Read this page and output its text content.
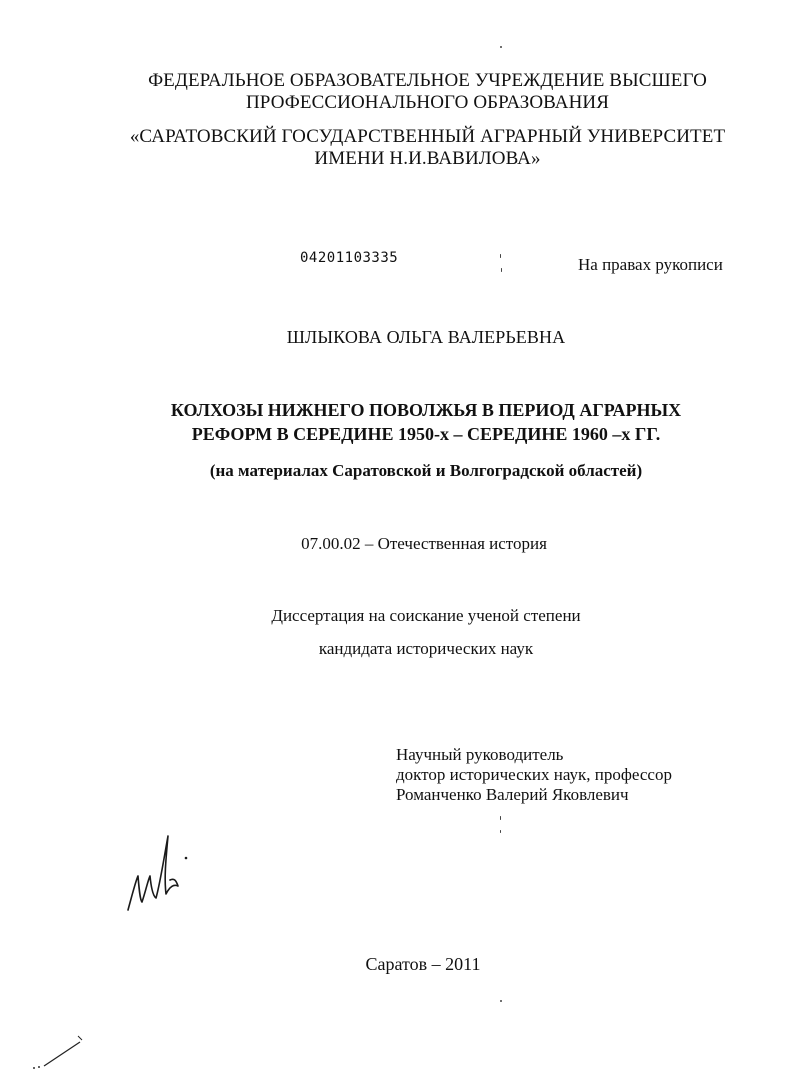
ФЕДЕРАЛЬНОЕ ОБРАЗОВАТЕЛЬНОЕ УЧРЕЖДЕНИЕ ВЫСШЕГО
ПРОФЕССИОНАЛЬНОГО ОБРАЗОВАНИЯ
«САРАТОВСКИЙ ГОСУДАРСТВЕННЫЙ АГРАРНЫЙ УНИВЕРСИТЕТ
ИМЕНИ Н.И.ВАВИЛОВА»
04201103335	На правах рукописи
ШЛЫКОВА ОЛЬГА ВАЛЕРЬЕВНА
КОЛХОЗЫ НИЖНЕГО ПОВОЛЖЬЯ В ПЕРИОД АГРАРНЫХ
РЕФОРМ В СЕРЕДИНЕ 1950-х – СЕРЕДИНЕ 1960 –х ГГ.
(на материалах Саратовской и Волгоградской областей)
07.00.02 – Отечественная история
Диссертация на соискание ученой степени
кандидата исторических наук
Научный руководитель
доктор исторических наук, профессор
Романченко Валерий Яковлевич
Саратов – 2011
